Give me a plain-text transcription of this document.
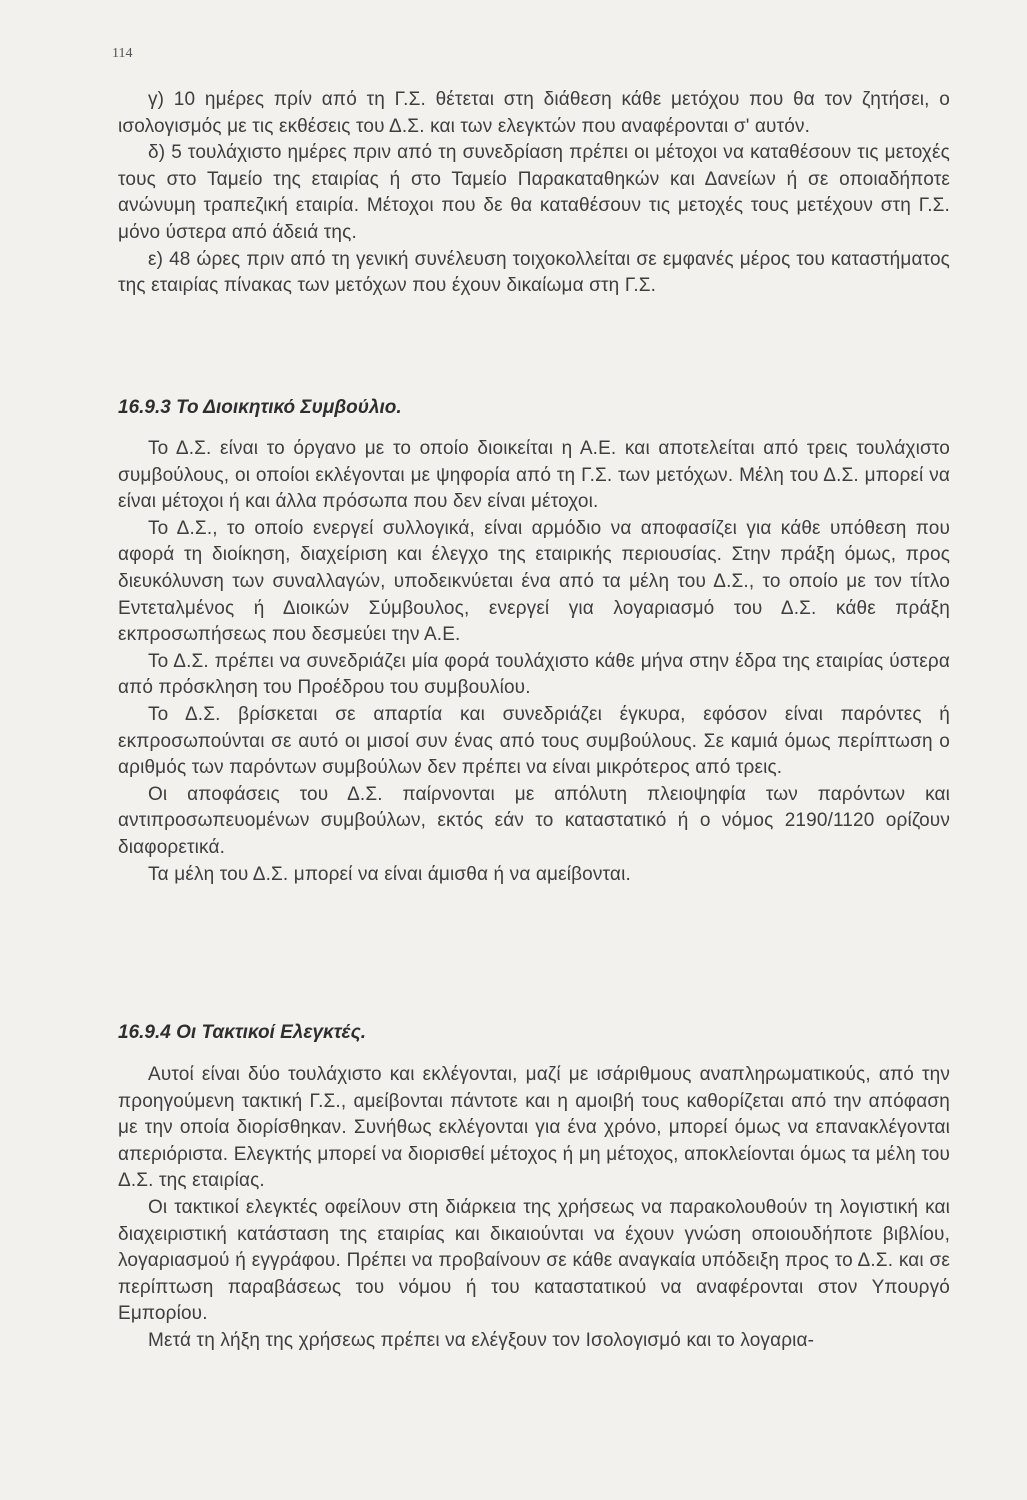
114

γ) 10 ημέρες πρίν από τη Γ.Σ. θέτεται στη διάθεση κάθε μετόχου που θα τον ζητήσει, ο ισολογισμός με τις εκθέσεις του Δ.Σ. και των ελεγκτών που αναφέρονται σ' αυτόν.

δ) 5 τουλάχιστο ημέρες πριν από τη συνεδρίαση πρέπει οι μέτοχοι να καταθέσουν τις μετοχές τους στο Ταμείο της εταιρίας ή στο Ταμείο Παρακαταθηκών και Δανείων ή σε οποιαδήποτε ανώνυμη τραπεζική εταιρία. Μέτοχοι που δε θα καταθέσουν τις μετοχές τους μετέχουν στη Γ.Σ. μόνο ύστερα από άδειά της.

ε) 48 ώρες πριν από τη γενική συνέλευση τοιχοκολλείται σε εμφανές μέρος του καταστήματος της εταιρίας πίνακας των μετόχων που έχουν δικαίωμα στη Γ.Σ.

16.9.3 Το Διοικητικό Συμβούλιο.

Το Δ.Σ. είναι το όργανο με το οποίο διοικείται η Α.Ε. και αποτελείται από τρεις τουλάχιστο συμβούλους, οι οποίοι εκλέγονται με ψηφορία από τη Γ.Σ. των μετόχων. Μέλη του Δ.Σ. μπορεί να είναι μέτοχοι ή και άλλα πρόσωπα που δεν είναι μέτοχοι.

Το Δ.Σ., το οποίο ενεργεί συλλογικά, είναι αρμόδιο να αποφασίζει για κάθε υπόθεση που αφορά τη διοίκηση, διαχείριση και έλεγχο της εταιρικής περιουσίας. Στην πράξη όμως, προς διευκόλυνση των συναλλαγών, υποδεικνύεται ένα από τα μέλη του Δ.Σ., το οποίο με τον τίτλο Εντεταλμένος ή Διοικών Σύμβουλος, ενεργεί για λογαριασμό του Δ.Σ. κάθε πράξη εκπροσωπήσεως που δεσμεύει την Α.Ε.

Το Δ.Σ. πρέπει να συνεδριάζει μία φορά τουλάχιστο κάθε μήνα στην έδρα της εταιρίας ύστερα από πρόσκληση του Προέδρου του συμβουλίου.

Το Δ.Σ. βρίσκεται σε απαρτία και συνεδριάζει έγκυρα, εφόσον είναι παρόντες ή εκπροσωπούνται σε αυτό οι μισοί συν ένας από τους συμβούλους. Σε καμιά όμως περίπτωση ο αριθμός των παρόντων συμβούλων δεν πρέπει να είναι μικρότερος από τρεις.

Οι αποφάσεις του Δ.Σ. παίρνονται με απόλυτη πλειοψηφία των παρόντων και αντιπροσωπευομένων συμβούλων, εκτός εάν το καταστατικό ή ο νόμος 2190/1120 ορίζουν διαφορετικά.

Τα μέλη του Δ.Σ. μπορεί να είναι άμισθα ή να αμείβονται.

16.9.4 Οι Τακτικοί Ελεγκτές.

Αυτοί είναι δύο τουλάχιστο και εκλέγονται, μαζί με ισάριθμους αναπληρωματικούς, από την προηγούμενη τακτική Γ.Σ., αμείβονται πάντοτε και η αμοιβή τους καθορίζεται από την απόφαση με την οποία διορίσθηκαν. Συνήθως εκλέγονται για ένα χρόνο, μπορεί όμως να επανακλέγονται απεριόριστα. Ελεγκτής μπορεί να διορισθεί μέτοχος ή μη μέτοχος, αποκλείονται όμως τα μέλη του Δ.Σ. της εταιρίας.

Οι τακτικοί ελεγκτές οφείλουν στη διάρκεια της χρήσεως να παρακολουθούν τη λογιστική και διαχειριστική κατάσταση της εταιρίας και δικαιούνται να έχουν γνώση οποιουδήποτε βιβλίου, λογαριασμού ή εγγράφου. Πρέπει να προβαίνουν σε κάθε αναγκαία υπόδειξη προς το Δ.Σ. και σε περίπτωση παραβάσεως του νόμου ή του καταστατικού να αναφέρονται στον Υπουργό Εμπορίου.

Μετά τη λήξη της χρήσεως πρέπει να ελέγξουν τον Ισολογισμό και το λογαρια-
